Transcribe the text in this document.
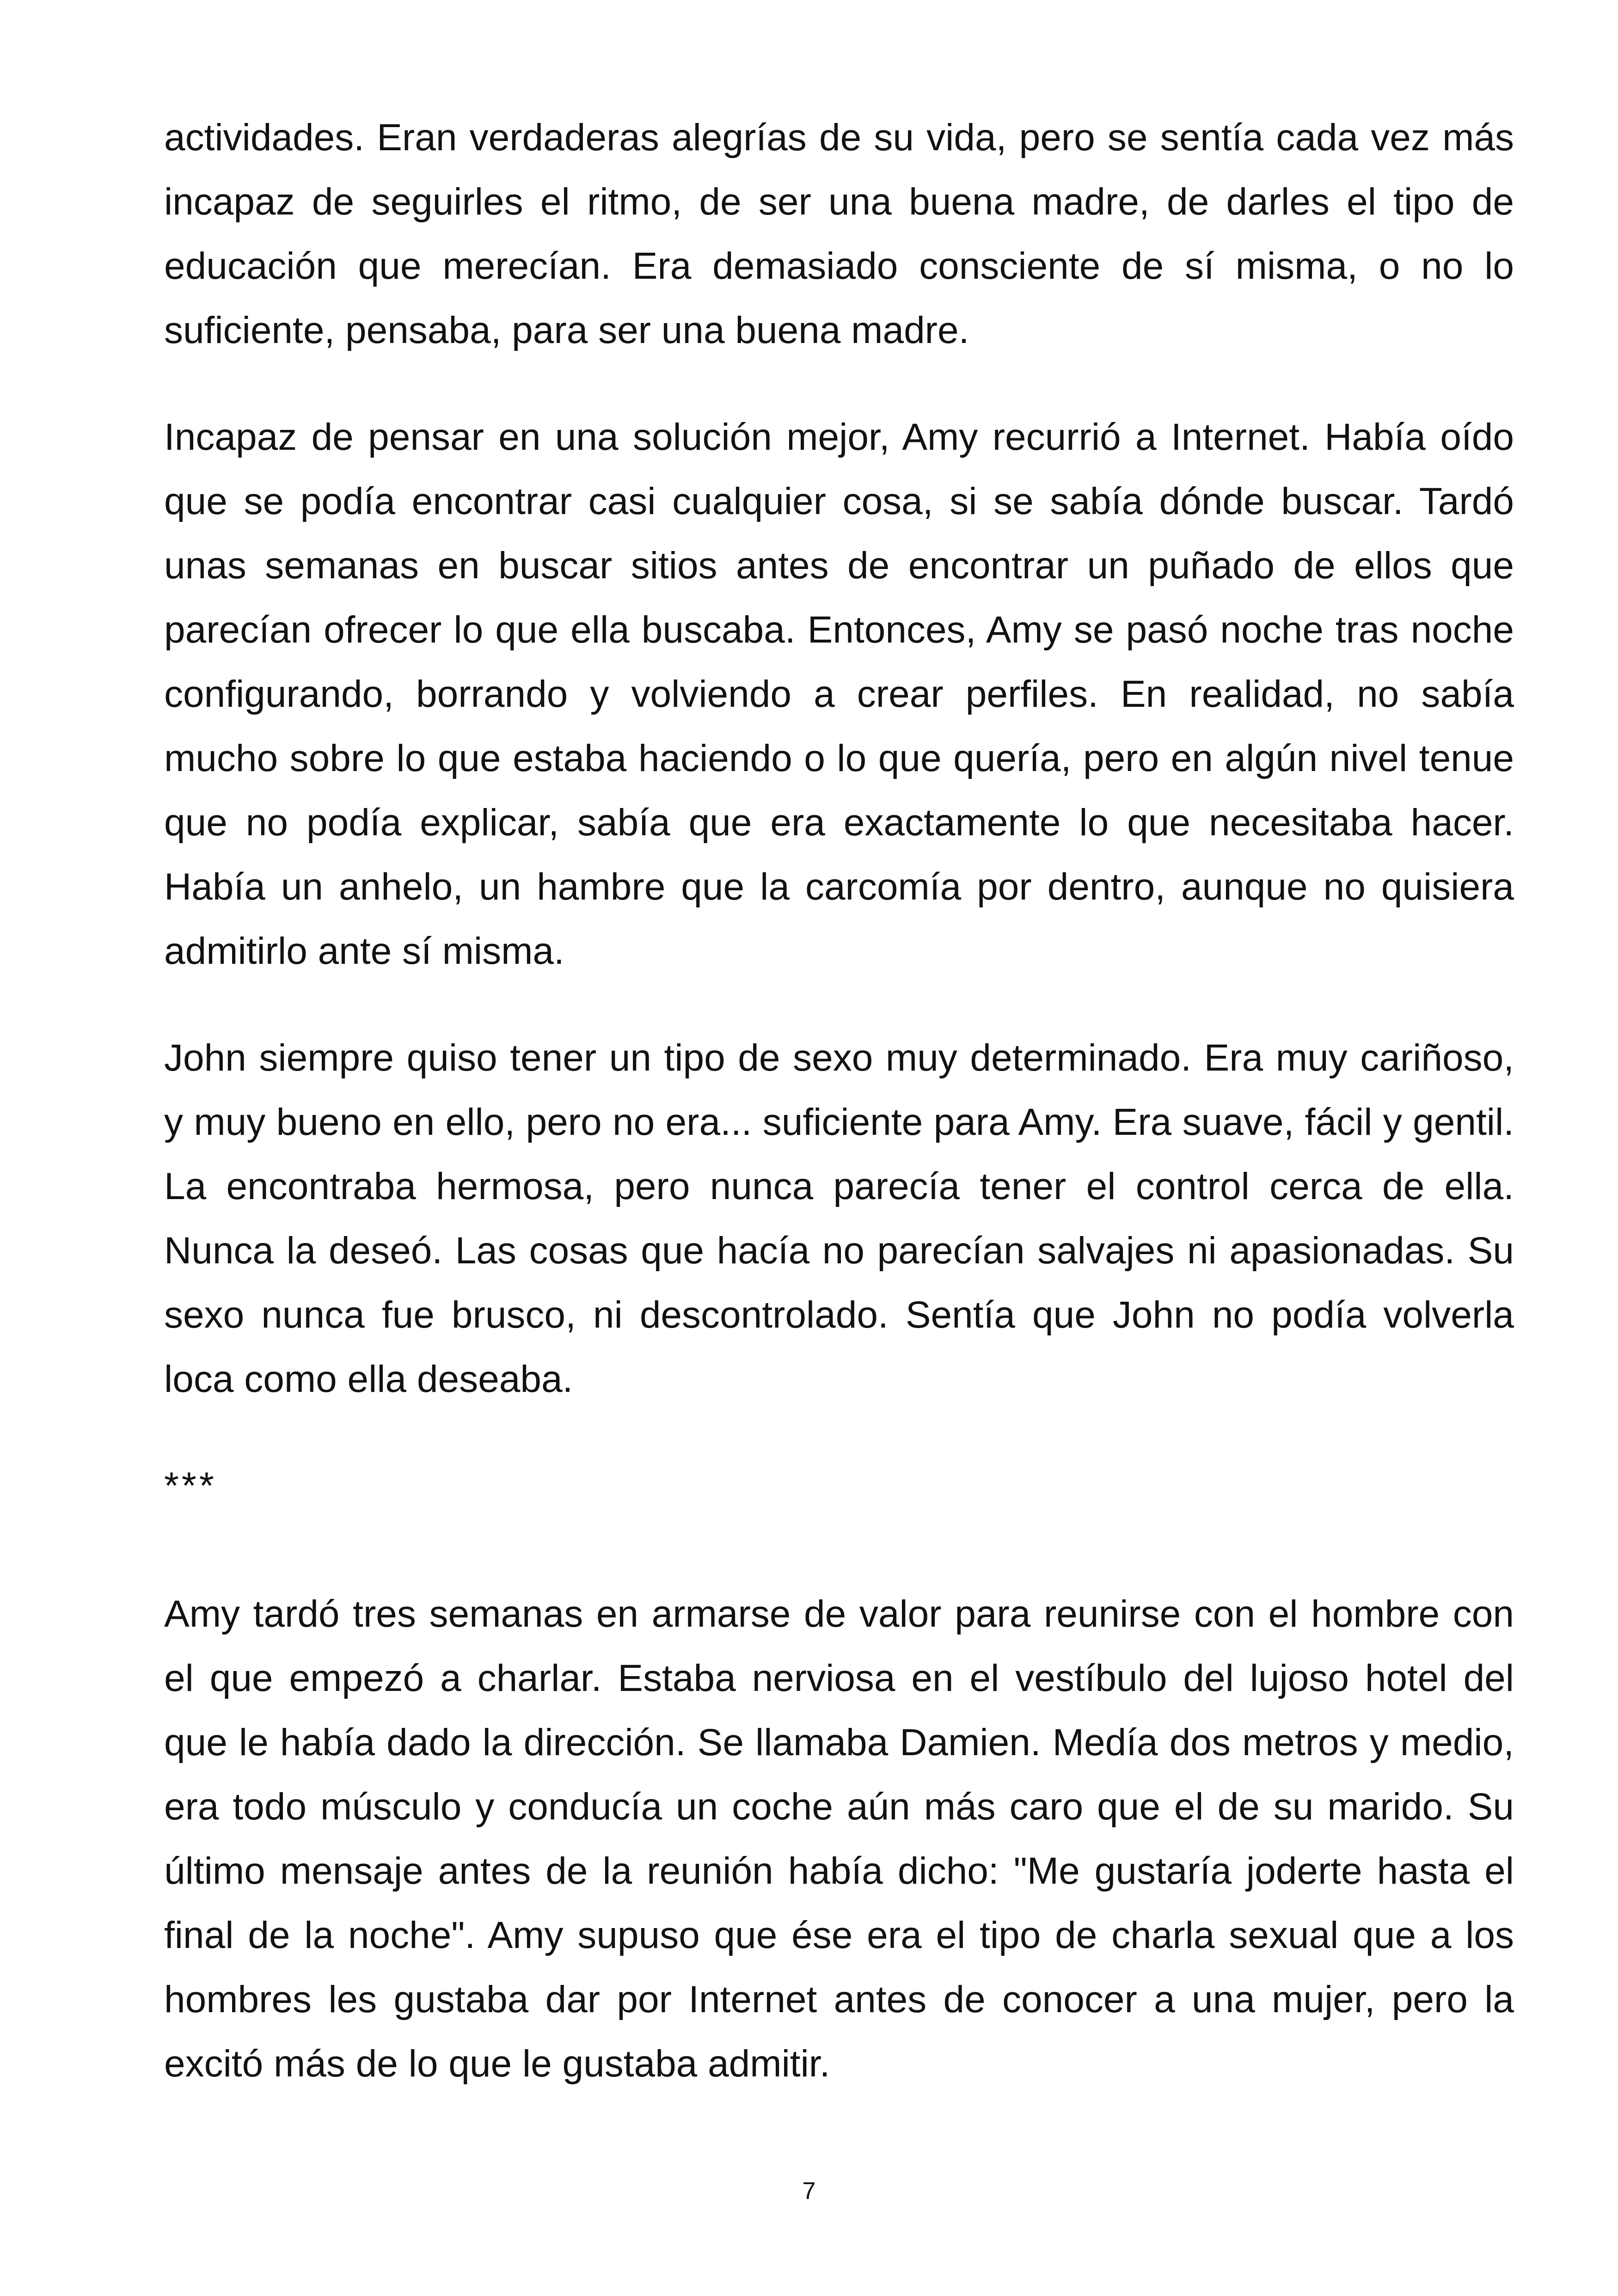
actividades. Eran verdaderas alegrías de su vida, pero se sentía cada vez más incapaz de seguirles el ritmo, de ser una buena madre, de darles el tipo de educación que merecían. Era demasiado consciente de sí misma, o no lo suficiente, pensaba, para ser una buena madre.

Incapaz de pensar en una solución mejor, Amy recurrió a Internet. Había oído que se podía encontrar casi cualquier cosa, si se sabía dónde buscar. Tardó unas semanas en buscar sitios antes de encontrar un puñado de ellos que parecían ofrecer lo que ella buscaba. Entonces, Amy se pasó noche tras noche configurando, borrando y volviendo a crear perfiles. En realidad, no sabía mucho sobre lo que estaba haciendo o lo que quería, pero en algún nivel tenue que no podía explicar, sabía que era exactamente lo que necesitaba hacer. Había un anhelo, un hambre que la carcomía por dentro, aunque no quisiera admitirlo ante sí misma.

John siempre quiso tener un tipo de sexo muy determinado. Era muy cariñoso, y muy bueno en ello, pero no era... suficiente para Amy. Era suave, fácil y gentil. La encontraba hermosa, pero nunca parecía tener el control cerca de ella. Nunca la deseó. Las cosas que hacía no parecían salvajes ni apasionadas. Su sexo nunca fue brusco, ni descontrolado. Sentía que John no podía volverla loca como ella deseaba.

***

Amy tardó tres semanas en armarse de valor para reunirse con el hombre con el que empezó a charlar. Estaba nerviosa en el vestíbulo del lujoso hotel del que le había dado la dirección. Se llamaba Damien. Medía dos metros y medio, era todo músculo y conducía un coche aún más caro que el de su marido. Su último mensaje antes de la reunión había dicho: "Me gustaría joderte hasta el final de la noche". Amy supuso que ése era el tipo de charla sexual que a los hombres les gustaba dar por Internet antes de conocer a una mujer, pero la excitó más de lo que le gustaba admitir.

7
